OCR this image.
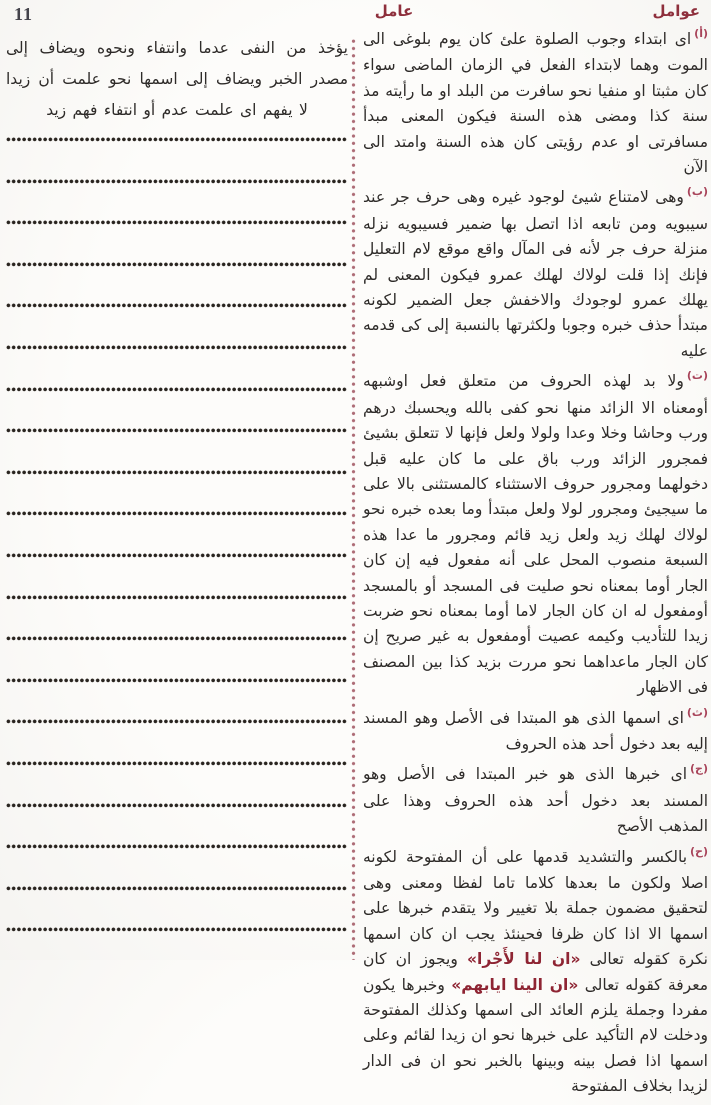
11	عامل	عوامل

يؤخذ من النفى عدما وانتفاء ونحوه ويضاف إلى مصدر الخبر ويضاف إلى اسمها نحو علمت أن زيدا لا يفهم اى علمت عدم أو انتفاء فهم زيد

$^{(أ)}$اى ابتداء وجوب الصلوة علئ كان يوم بلوغى الى الموت وهما لابتداء الفعل في الزمان الماضى سواء كان مثبتا او منفيا نحو سافرت من البلد او ما رأيته مذ سنة كذا ومضى هذه السنة فيكون المعنى مبدأ مسافرتى او عدم رؤيتى كان هذه السنة وامتد الى الآن

$^{(ب)}$وهى لامتناع شيئ لوجود غيره وهى حرف جر عند سيبويه ومن تابعه اذا اتصل بها ضمير فسيبويه نزله منزلة حرف جر لأنه فى المآل واقع موقع لام التعليل فإنك إذا قلت لولاك لهلك عمرو فيكون المعنى لم يهلك عمرو لوجودك والاخفش جعل الضمير لكونه مبتدأ حذف خبره وجوبا ولكثرتها بالنسبة إلى كى قدمه عليه

$^{(ت)}$ولا بد لهذه الحروف من متعلق فعل اوشبهه أومعناه الا الزائد منها نحو كفى بالله ويحسبك درهم ورب وحاشا وخلا وعدا ولولا ولعل فإنها لا تتعلق بشيئ فمجرور الزائد ورب باق على ما كان عليه قبل دخولهما ومجرور حروف الاستثناء كالمستثنى بالا على ما سيجيئ ومجرور لولا ولعل مبتدأ وما بعده خبره نحو لولاك لهلك زيد ولعل زيد قائم ومجرور ما عدا هذه السبعة منصوب المحل على أنه مفعول فيه إن كان الجار أوما بمعناه نحو صليت فى المسجد أو بالمسجد أومفعول له ان كان الجار لاما أوما بمعناه نحو ضربت زيدا للتأديب وكيمه عصيت أومفعول به غير صريح إن كان الجار ماعداهما نحو مررت بزيد كذا بين المصنف فى الاظهار

$^{(ث)}$اى اسمها الذى هو المبتدا فى الأصل وهو المسند إليه بعد دخول أحد هذه الحروف

$^{(ج)}$اى خبرها الذى هو خبر المبتدا فى الأصل وهو المسند بعد دخول أحد هذه الحروف وهذا على المذهب الأصح

$^{(ح)}$بالكسر والتشديد قدمها على أن المفتوحة لكونه اصلا ولكون ما بعدها كلاما تاما لفظا ومعنى وهى لتحقيق مضمون جملة بلا تغيير ولا يتقدم خبرها على اسمها الا اذا كان ظرفا فحينئذ يجب ان كان اسمها نكرة كقوله تعالى «ان لنا لأَجْرا» ويجوز ان كان معرفة كقوله تعالى «ان الينا ايابهم» وخبرها يكون مفردا وجملة يلزم العائد الى اسمها وكذلك المفتوحة ودخلت لام التأكيد على خبرها نحو ان زيدا لقائم وعلى اسمها اذا فصل بينه وبينها بالخبر نحو ان فى الدار لزيدا بخلاف المفتوحة
